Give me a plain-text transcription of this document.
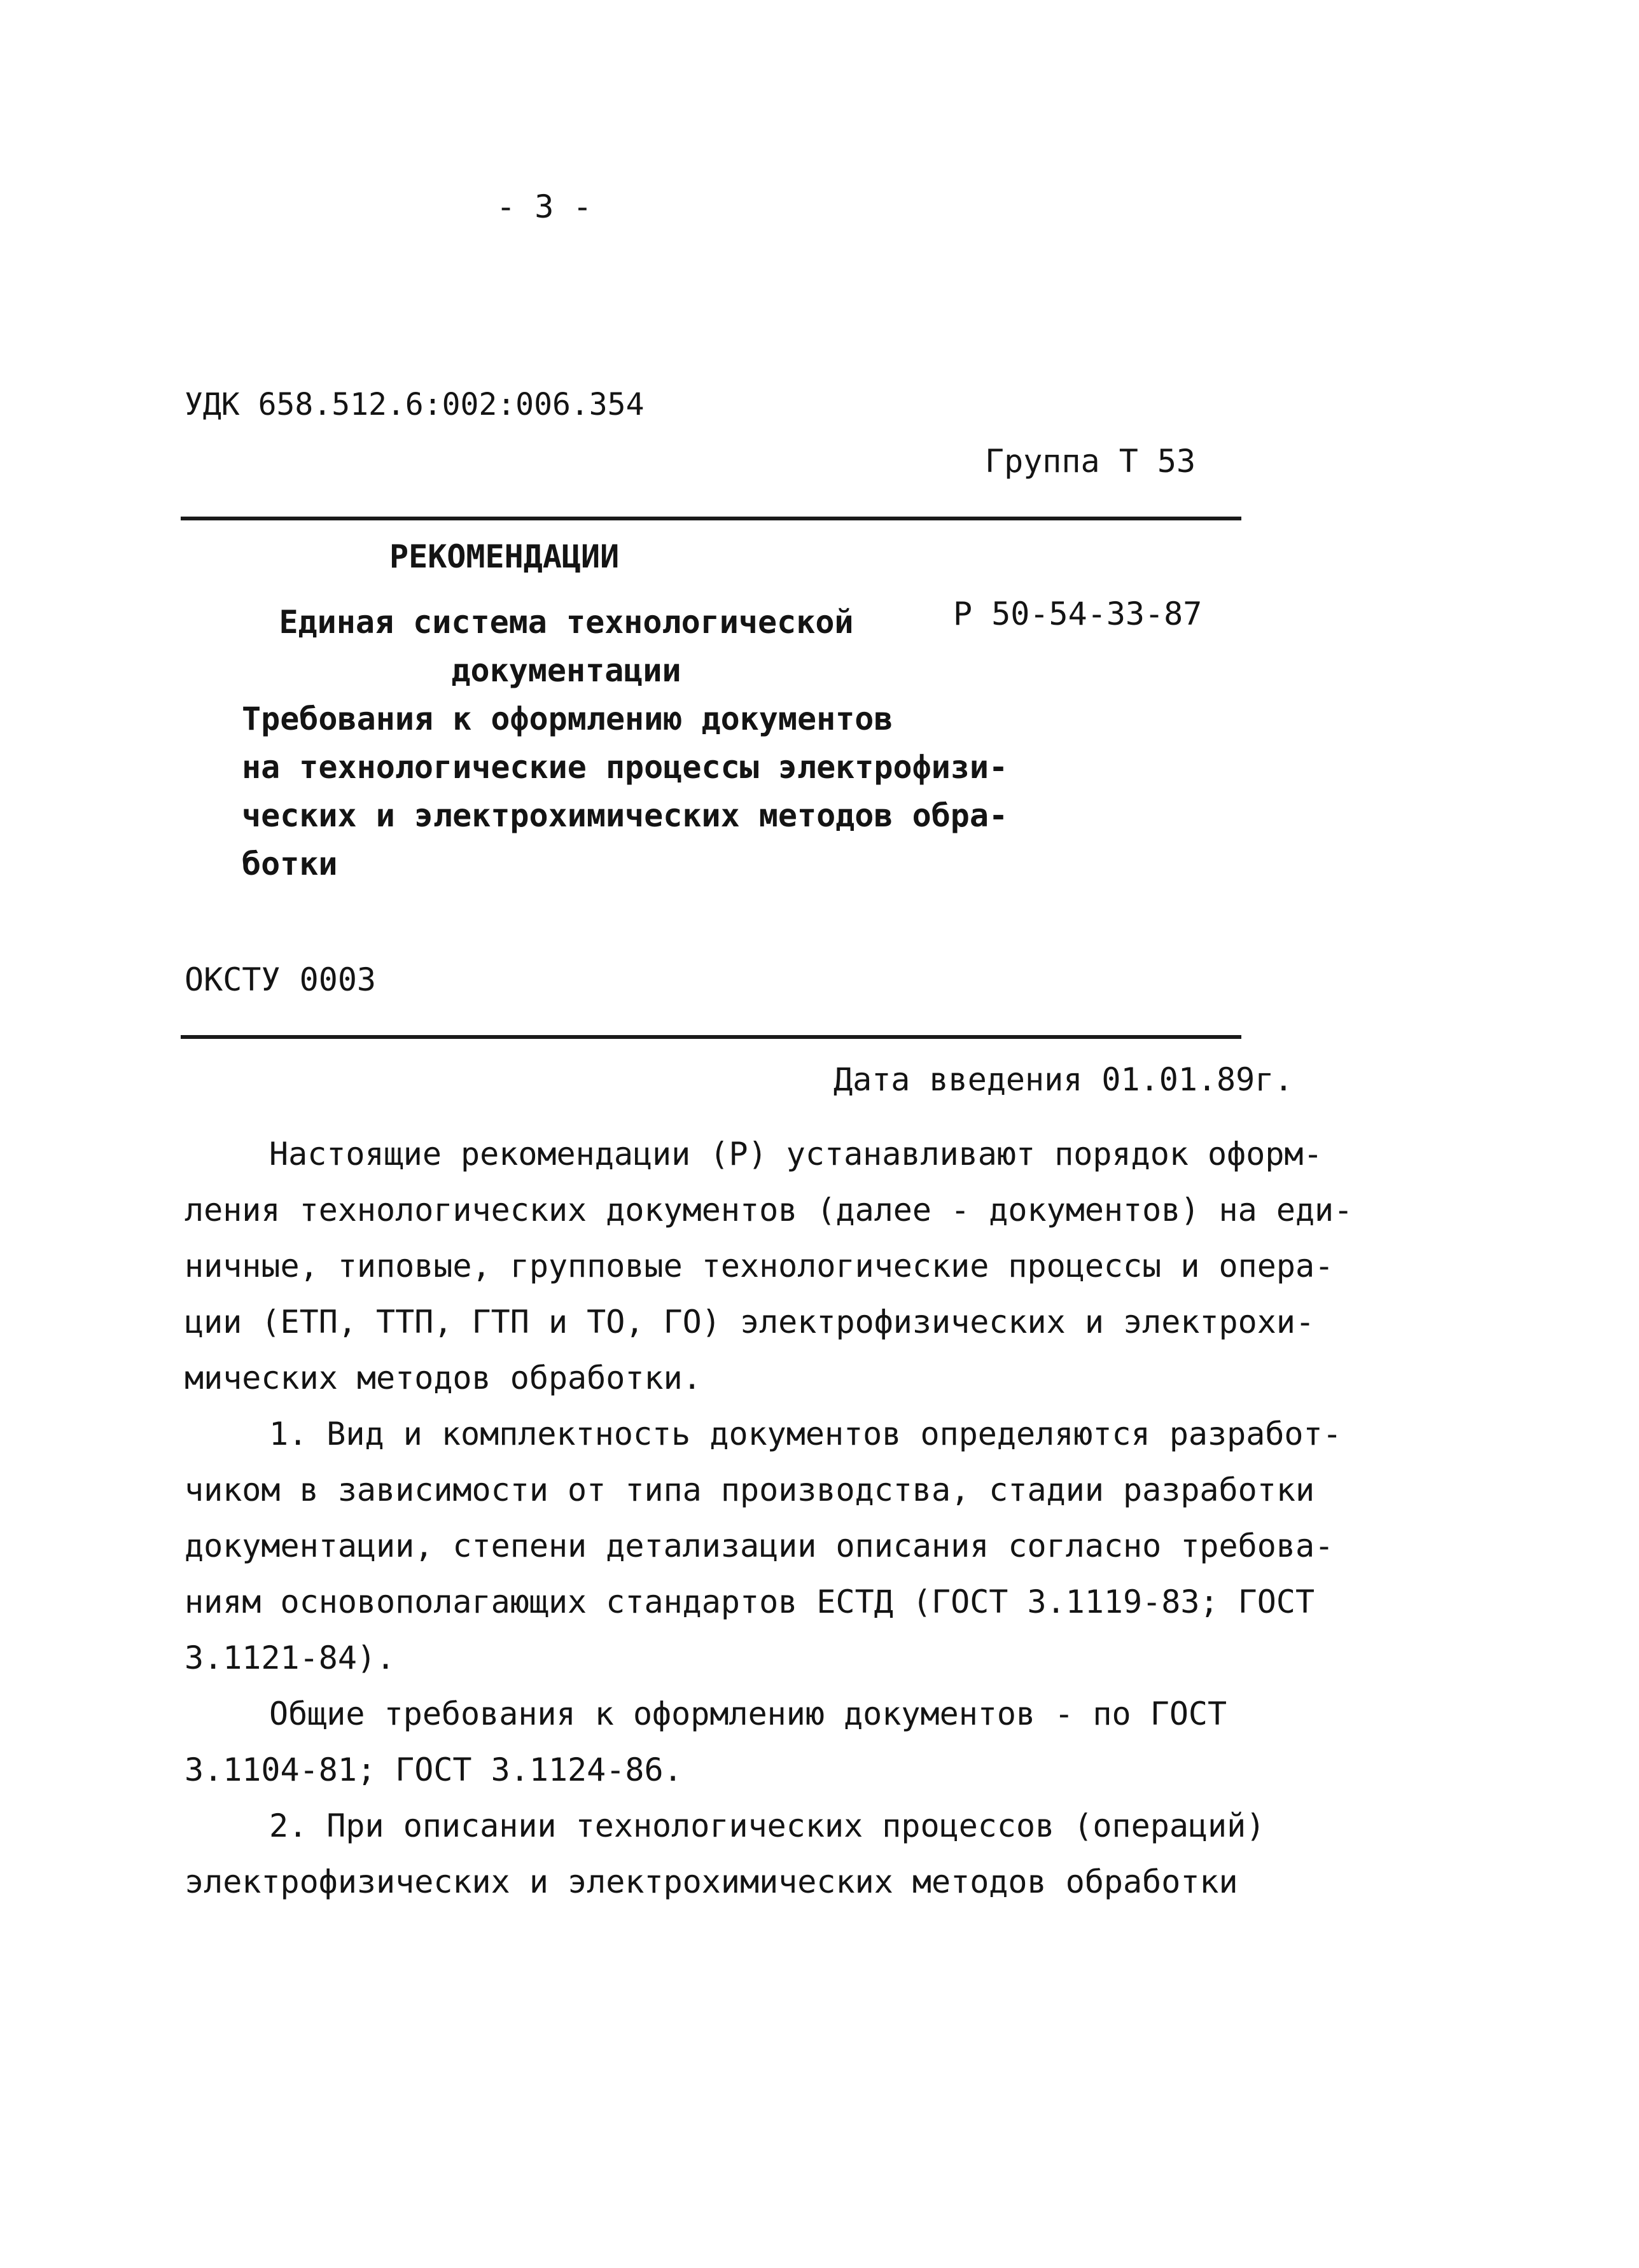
- 3 -
УДК 658.512.6:002:006.354
Группа Т 53
РЕКОМЕНДАЦИИ
Р 50-54-33-87
Единая система технологической
документации
Требования к оформлению документов
на технологические процессы электрофизи-
ческих и электрохимических методов обра-
ботки
ОКСТУ 0003
Дата введения 01.01.89г.
Настоящие рекомендации (Р) устанавливают порядок оформ-
ления технологических документов (далее - документов) на еди-
ничные, типовые, групповые технологические процессы и опера-
ции (ЕТП, ТТП, ГТП и ТО, ГО) электрофизических и электрохи-
мических методов обработки.
1. Вид и комплектность документов определяются разработ-
чиком в зависимости от типа производства, стадии разработки
документации, степени детализации описания согласно требова-
ниям основополагающих стандартов ЕСТД (ГОСТ 3.1119-83; ГОСТ
3.1121-84).
Общие требования к оформлению документов - по ГОСТ
3.1104-81; ГОСТ 3.1124-86.
2. При описании технологических процессов (операций)
электрофизических и электрохимических методов обработки
